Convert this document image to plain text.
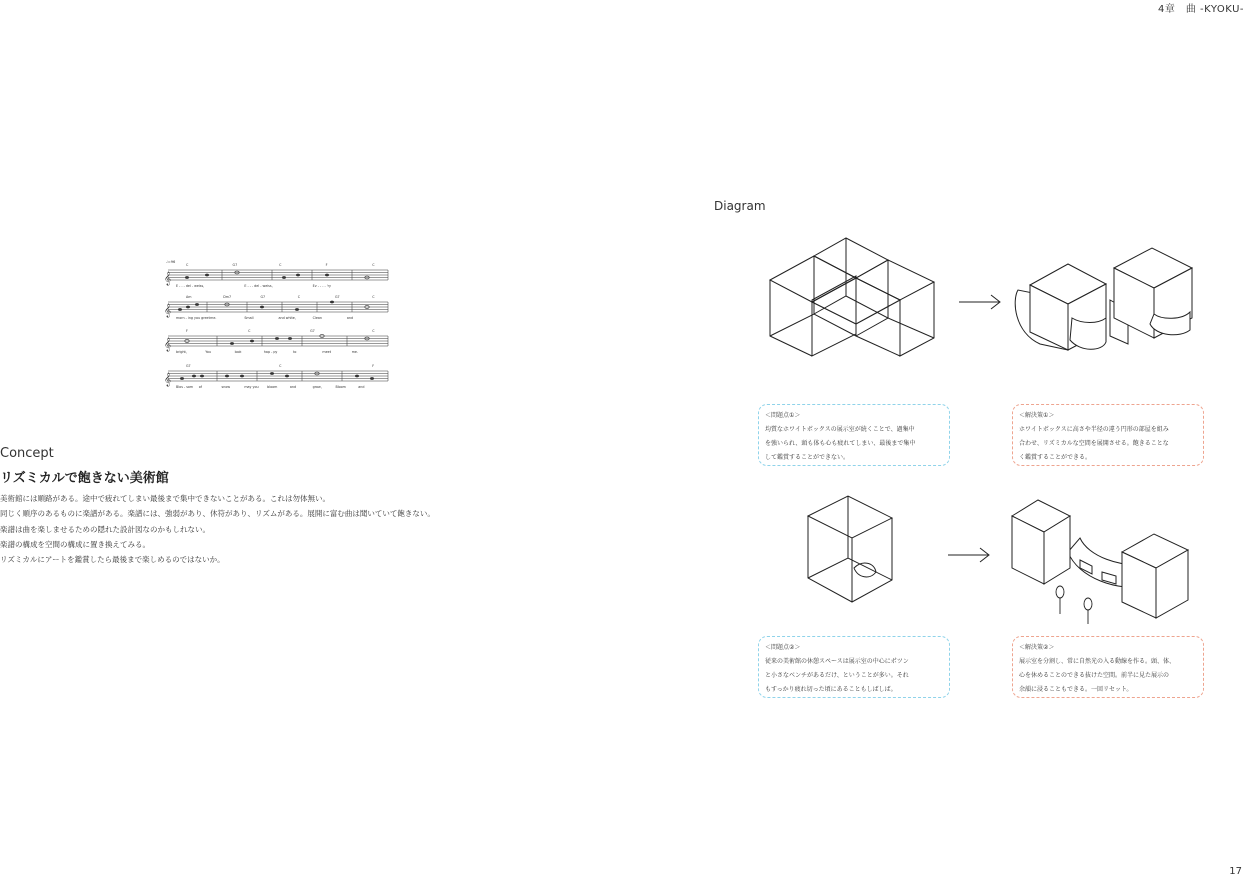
4章　曲 -KYOKU-
𝄞
𝄞
𝄞
𝄞
♩=96
C	G7	C	F	C
E - - - del - weiss,	E - - - del - weiss,	Ev - - - - 'ry
Am	Dm7	G7	C	G7	C
morn - ing you greet me.	Small	and white,	Clean	and
F	C	G7	C
bright,	You	look	hap - py	to	meet	me.
G7	C	F
Blos - som of	snow	may you	bloom	and	grow,	Bloom	and
Concept
リズミカルで飽きない美術館
美術館には順路がある。途中で疲れてしまい最後まで集中できないことがある。これは勿体無い。
同じく順序のあるものに楽譜がある。楽譜には、強弱があり、休符があり、リズムがある。展開に富む曲は聞いていて飽きない。
楽譜は曲を楽しませるための隠れた設計図なのかもしれない。
楽譜の構成を空間の構成に置き換えてみる。
リズミカルにアートを鑑賞したら最後まで楽しめるのではないか。
Diagram
＜問題点①＞
均質なホワイトボックスの展示室が続くことで、過集中
を強いられ、頭も体も心も疲れてしまい、最後まで集中
して鑑賞することができない。
＜解決策①＞
ホワイトボックスに高さや半径の違う円形の部屋を組み
合わせ、リズミカルな空間を展開させる。飽きることな
く鑑賞することができる。
＜問題点②＞
従来の美術館の休憩スペースは展示室の中心にポツン
と小さなベンチがあるだけ、ということが多い。それ
もすっかり疲れ切った頃にあることもしばしば。
＜解決策②＞
展示室を分割し、常に自然光の入る動線を作る。頭、体、
心を休めることのできる抜けた空間。前半に見た展示の
余韻に浸ることもできる。一回リセット。
17
